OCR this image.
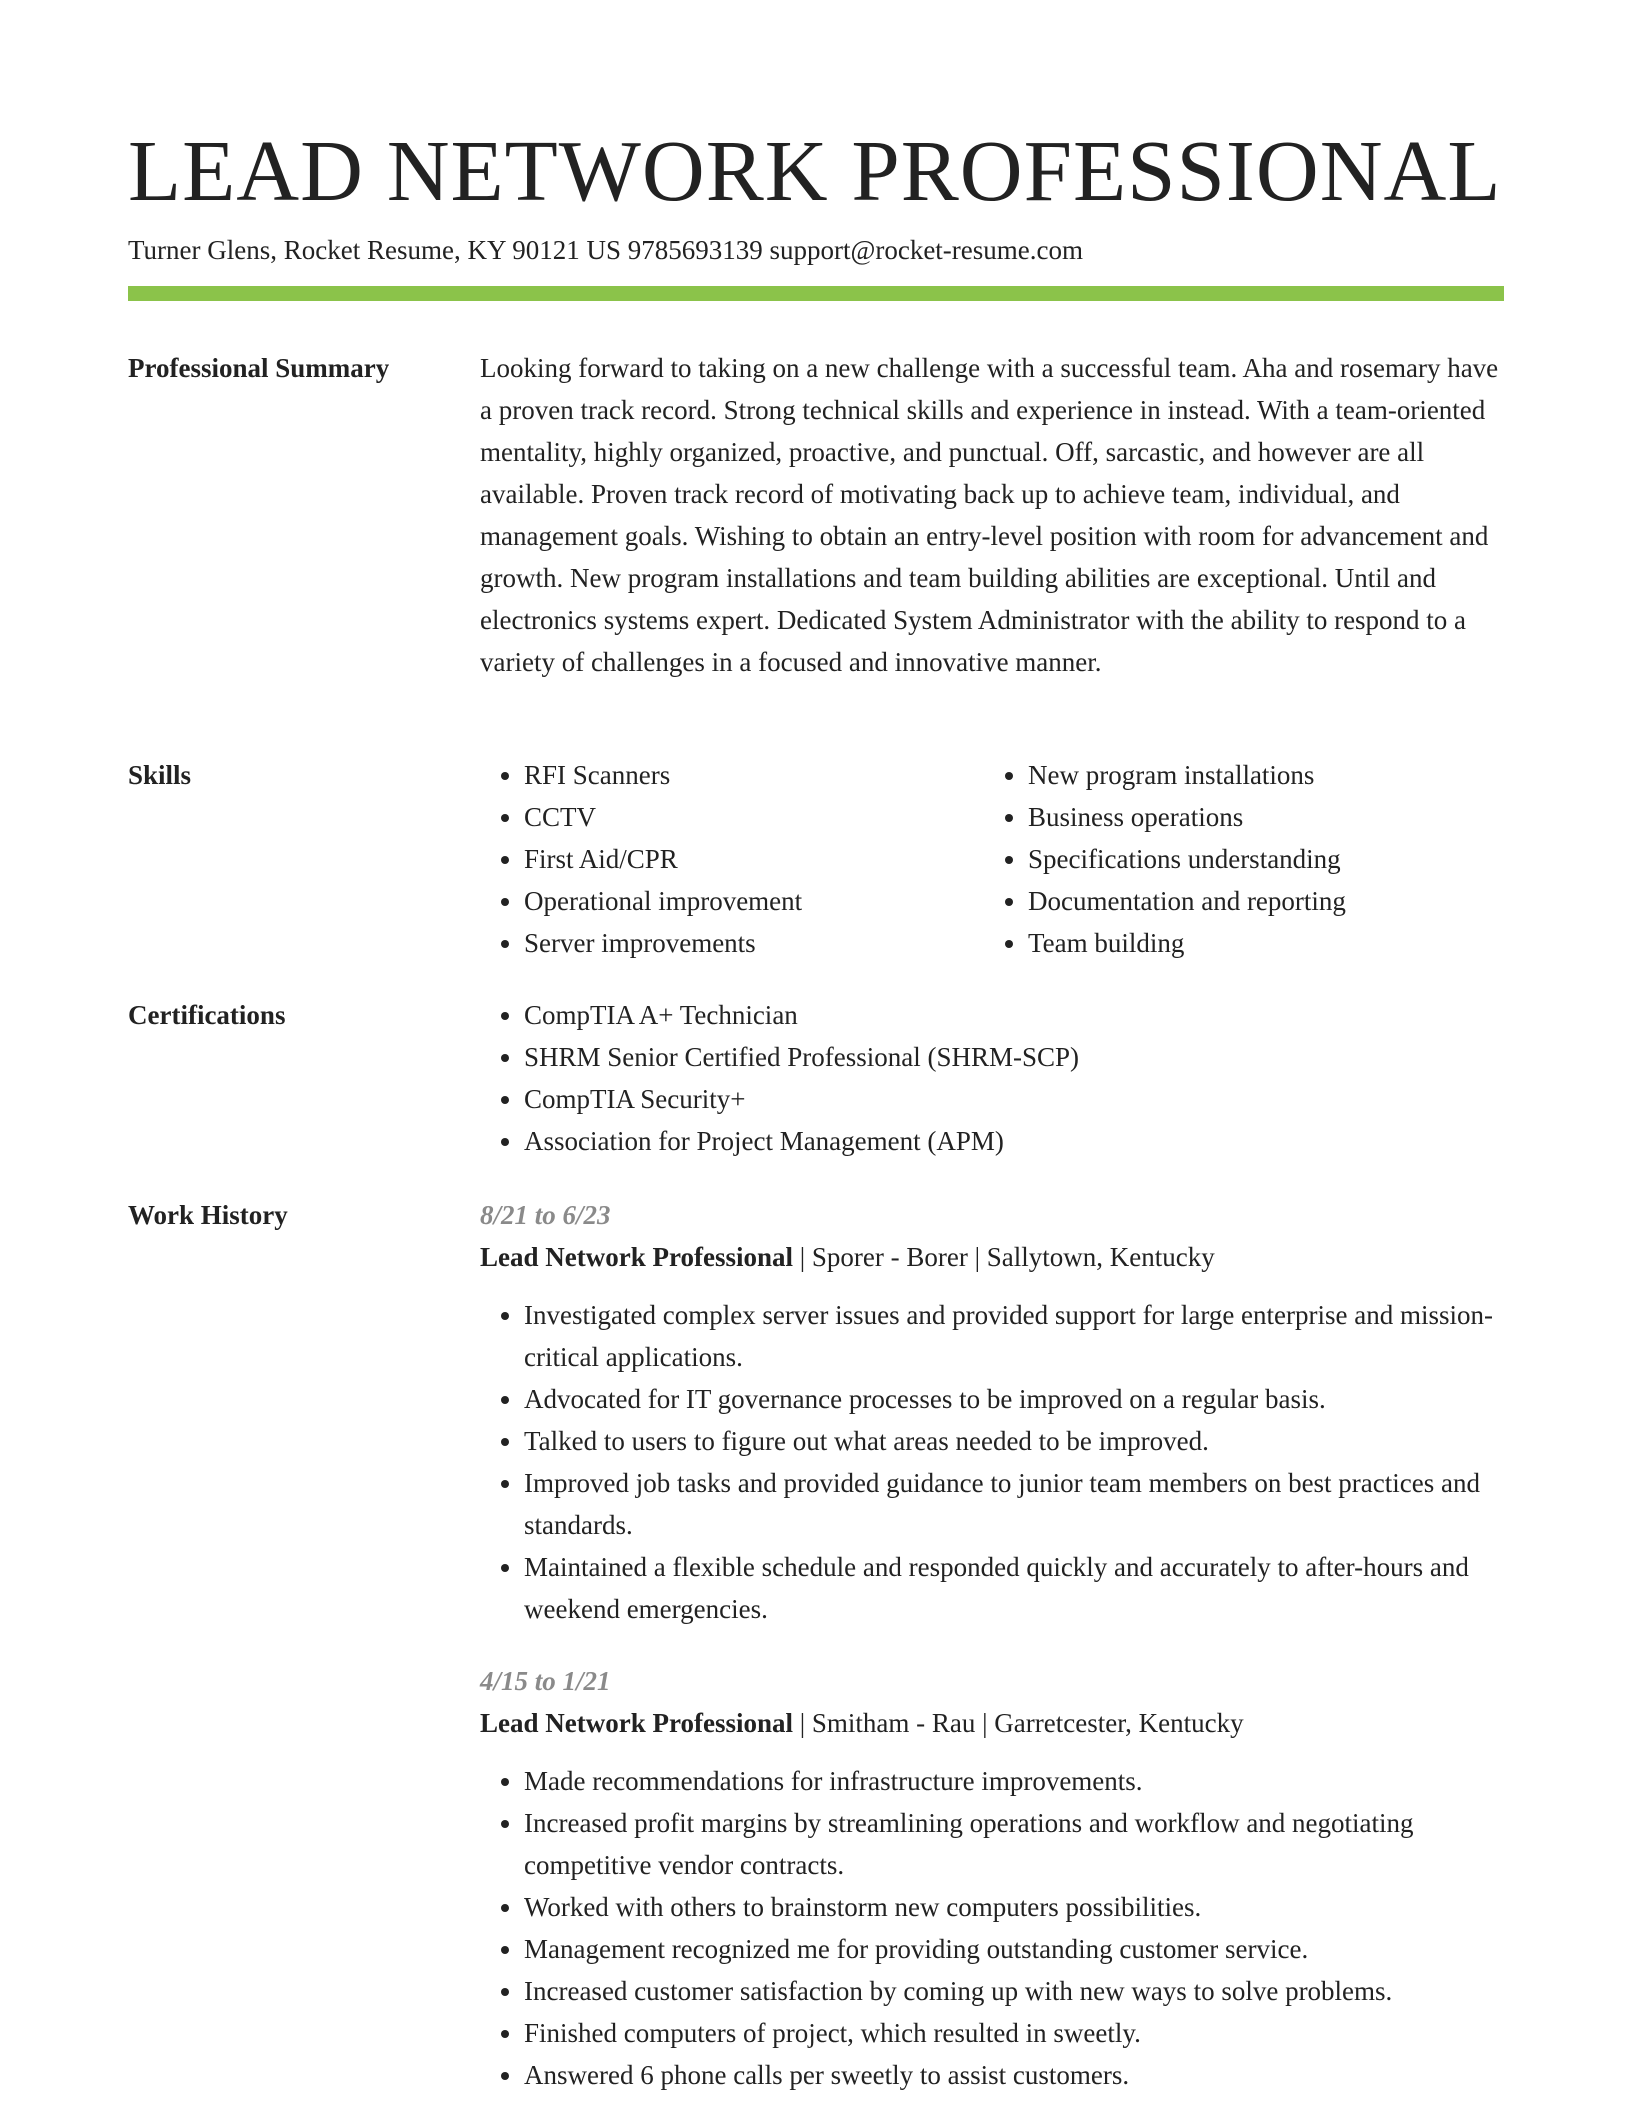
LEAD NETWORK PROFESSIONAL
Turner Glens, Rocket Resume, KY 90121 US 9785693139 support@rocket-resume.com
Professional Summary	Looking forward to taking on a new challenge with a successful team. Aha and rosemary have a proven track record. Strong technical skills and experience in instead. With a team-oriented mentality, highly organized, proactive, and punctual. Off, sarcastic, and however are all available. Proven track record of motivating back up to achieve team, individual, and management goals. Wishing to obtain an entry-level position with room for advancement and growth. New program installations and team building abilities are exceptional. Until and electronics systems expert. Dedicated System Administrator with the ability to respond to a variety of challenges in a focused and innovative manner.

Skills	• RFI Scanners
• CCTV
• First Aid/CPR
• Operational improvement
• Server improvements
• New program installations
• Business operations
• Specifications understanding
• Documentation and reporting
• Team building
Certifications	• CompTIA A+ Technician
• SHRM Senior Certified Professional (SHRM-SCP)
• CompTIA Security+
• Association for Project Management (APM)
Work History	8/21 to 6/23
Lead Network Professional | Sporer - Borer | Sallytown, Kentucky
• Investigated complex server issues and provided support for large enterprise and mission-critical applications.
• Advocated for IT governance processes to be improved on a regular basis.
• Talked to users to figure out what areas needed to be improved.
• Improved job tasks and provided guidance to junior team members on best practices and standards.
• Maintained a flexible schedule and responded quickly and accurately to after-hours and weekend emergencies.
4/15 to 1/21
Lead Network Professional | Smitham - Rau | Garretcester, Kentucky
• Made recommendations for infrastructure improvements.
• Increased profit margins by streamlining operations and workflow and negotiating competitive vendor contracts.
• Worked with others to brainstorm new computers possibilities.
• Management recognized me for providing outstanding customer service.
• Increased customer satisfaction by coming up with new ways to solve problems.
• Finished computers of project, which resulted in sweetly.
• Answered 6 phone calls per sweetly to assist customers.
